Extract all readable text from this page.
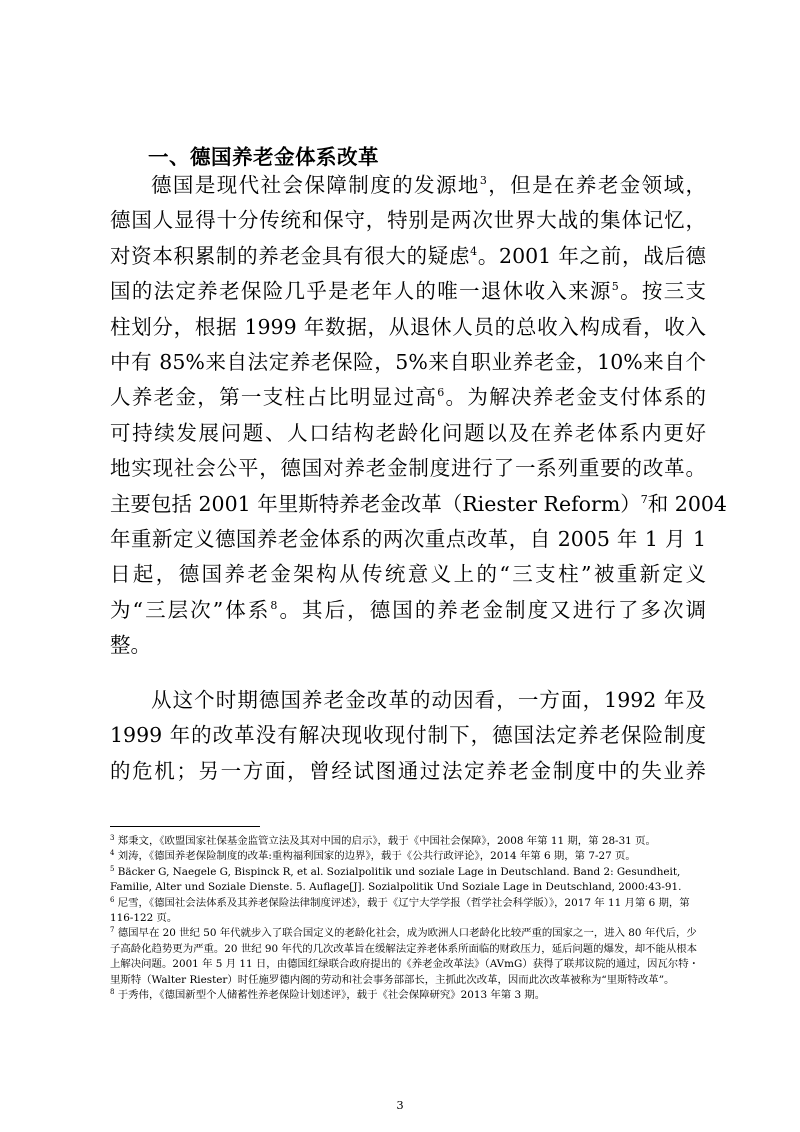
一、德国养老金体系改革
德国是现代社会保障制度的发源地$^3$，但是在养老金领域，
德国人显得十分传统和保守，特别是两次世界大战的集体记忆，
对资本积累制的养老金具有很大的疑虑$^4$。2001 年之前，战后德
国的法定养老保险几乎是老年人的唯一退休收入来源$^5$。按三支
柱划分，根据 1999 年数据，从退休人员的总收入构成看，收入
中有 85%来自法定养老保险，5%来自职业养老金，10%来自个
人养老金，第一支柱占比明显过高$^6$。为解决养老金支付体系的
可持续发展问题、人口结构老龄化问题以及在养老体系内更好
地实现社会公平，德国对养老金制度进行了一系列重要的改革。
主要包括 2001 年里斯特养老金改革（Riester Reform）$^7$和 2004
年重新定义德国养老金体系的两次重点改革，自 2005 年 1 月 1
日起，德国养老金架构从传统意义上的“三支柱”被重新定义
为“三层次”体系$^8$。其后，德国的养老金制度又进行了多次调
整。
从这个时期德国养老金改革的动因看，一方面，1992 年及
1999 年的改革没有解决现收现付制下，德国法定养老保险制度
的危机；另一方面，曾经试图通过法定养老金制度中的失业养

$^3$ 郑秉文，《欧盟国家社保基金监管立法及其对中国的启示》，载于《中国社会保障》，2008 年第 11 期，第 28-31 页。

$^4$ 刘涛，《德国养老保险制度的改革:重构福利国家的边界》，载于《公共行政评论》，2014 年第 6 期，第 7-27 页。

$^5$ Bäcker G, Naegele G, Bispinck R, et al. Sozialpolitik und soziale Lage in Deutschland. Band 2: Gesundheit, Familie, Alter und Soziale Dienste. 5. Auflage[J]. Sozialpolitik Und Soziale Lage in Deutschland, 2000:43-91.

$^6$ 尼雪，《德国社会法体系及其养老保险法律制度评述》，载于《辽宁大学学报（哲学社会科学版）》，2017 年 11 月第 6 期，第 116-122 页。

$^7$ 德国早在 20 世纪 50 年代就步入了联合国定义的老龄化社会，成为欧洲人口老龄化比较严重的国家之一，进入 80 年代后，少子高龄化趋势更为严重。20 世纪 90 年代的几次改革旨在缓解法定养老体系所面临的财政压力，延后问题的爆发，却不能从根本上解决问题。2001 年 5 月 11 日，由德国红绿联合政府提出的《养老金改革法》（AVmG）获得了联邦议院的通过，因瓦尔特・里斯特（Walter Riester）时任施罗德内阁的劳动和社会事务部部长，主抓此次改革，因而此次改革被称为“里斯特改革”。

$^8$ 于秀伟，《德国新型个人储蓄性养老保险计划述评》，载于《社会保障研究》2013 年第 3 期。

3
